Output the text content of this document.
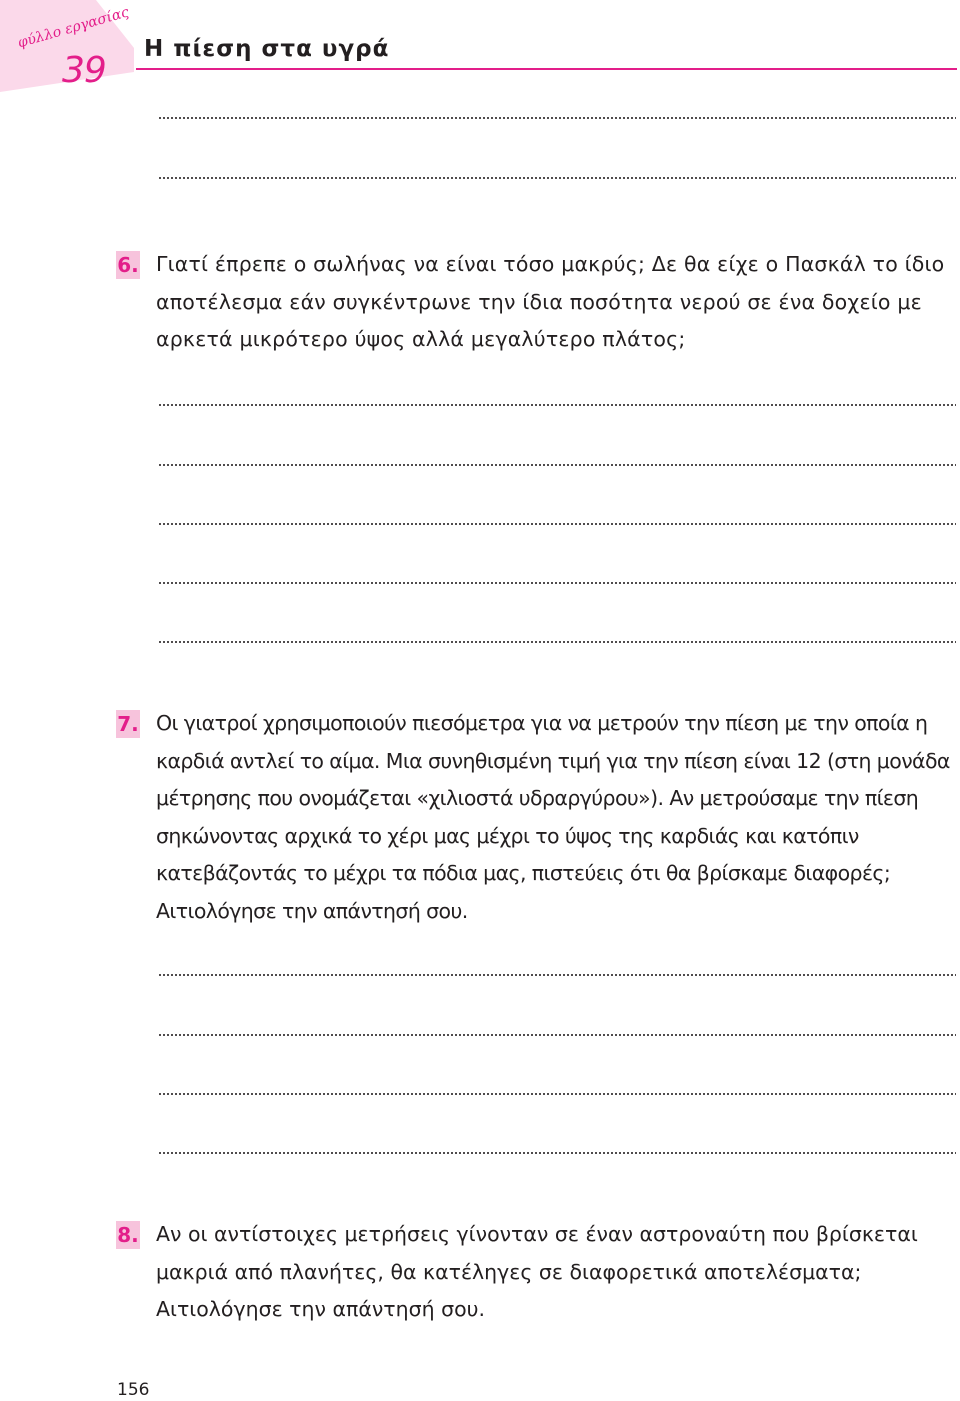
φύλλο εργασίας
39
Η πίεση στα υγρά
6. Γιατί έπρεπε ο σωλήνας να είναι τόσο μακρύς; Δε θα είχε ο Πασκάλ το ίδιο αποτέλεσμα εάν συγκέντρωνε την ίδια ποσότητα νερού σε ένα δοχείο με αρκετά μικρότερο ύψος αλλά μεγαλύτερο πλάτος;
7. Οι γιατροί χρησιμοποιούν πιεσόμετρα για να μετρούν την πίεση με την οποία η καρδιά αντλεί το αίμα. Μια συνηθισμένη τιμή για την πίεση είναι 12 (στη μονάδα μέτρησης που ονομάζεται «χιλιοστά υδραργύρου»). Αν μετρούσαμε την πίεση σηκώνοντας αρχικά το χέρι μας μέχρι το ύψος της καρδιάς και κατόπιν κατεβάζοντάς το μέχρι τα πόδια μας, πιστεύεις ότι θα βρίσκαμε διαφορές; Αιτιολόγησε την απάντησή σου.
8. Αν οι αντίστοιχες μετρήσεις γίνονταν σε έναν αστροναύτη που βρίσκεται μακριά από πλανήτες, θα κατέληγες σε διαφορετικά αποτελέσματα; Αιτιολόγησε την απάντησή σου.
156
